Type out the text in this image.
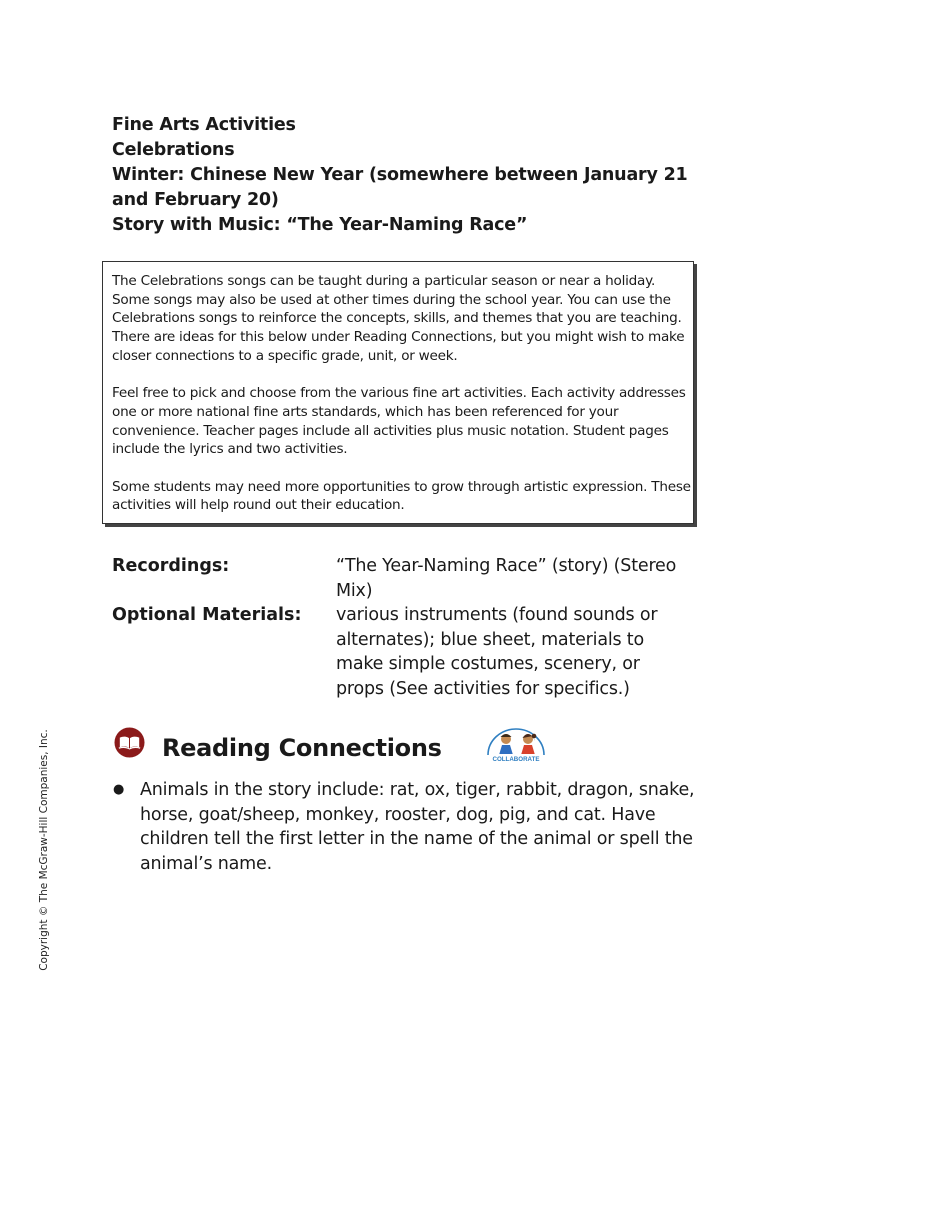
Fine Arts Activities
Celebrations
Winter: Chinese New Year (somewhere between January 21
and February 20)
Story with Music: “The Year-Naming Race”

The Celebrations songs can be taught during a particular season or near a holiday. Some songs may also be used at other times during the school year. You can use the Celebrations songs to reinforce the concepts, skills, and themes that you are teaching. There are ideas for this below under Reading Connections, but you might wish to make closer connections to a specific grade, unit, or week.

Feel free to pick and choose from the various fine art activities. Each activity addresses one or more national fine arts standards, which has been referenced for your convenience. Teacher pages include all activities plus music notation. Student pages include the lyrics and two activities.

Some students may need more opportunities to grow through artistic expression. These activities will help round out their education.

Recordings:	“The Year-Naming Race” (story) (Stereo Mix)
Optional Materials: various instruments (found sounds or alternates); blue sheet, materials to make simple costumes, scenery, or props (See activities for specifics.)
Reading Connections	COLLABORATE
● Animals in the story include: rat, ox, tiger, rabbit, dragon, snake, horse, goat/sheep, monkey, rooster, dog, pig, and cat. Have children tell the first letter in the name of the animal or spell the animal’s name.
Copyright © The McGraw-Hill Companies, Inc.
